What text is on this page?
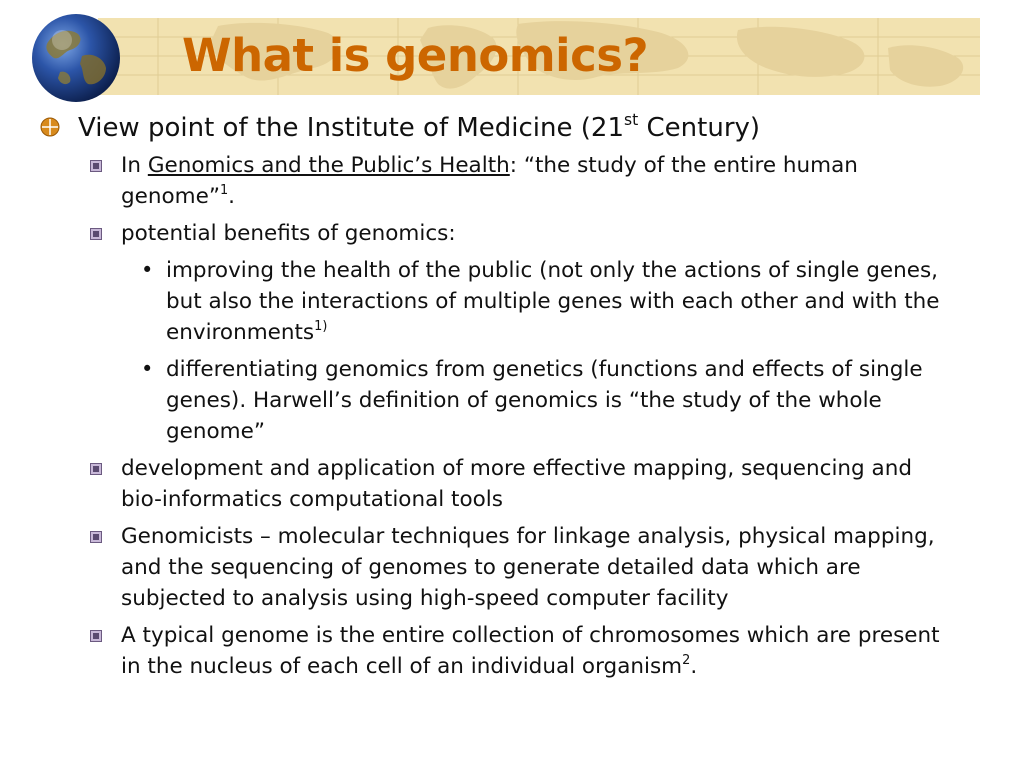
What is genomics?
View point of the Institute of Medicine (21st Century)
In Genomics and the Public’s Health: “the study of the entire human genome”$^1$.
potential benefits of genomics:
• improving the health of the public (not only the actions of single genes, but also the interactions of multiple genes with each other and with the environments$^{1)}$
• differentiating genomics from genetics (functions and effects of single genes). Harwell’s definition of genomics is “the study of the whole genome”
development and application of more effective mapping, sequencing and bio-informatics computational tools
Genomicists – molecular techniques for linkage analysis, physical mapping, and the sequencing of genomes to generate detailed data which are subjected to analysis using high-speed computer facility
A typical genome is the entire collection of chromosomes which are present in the nucleus of each cell of an individual organism$^2$.
